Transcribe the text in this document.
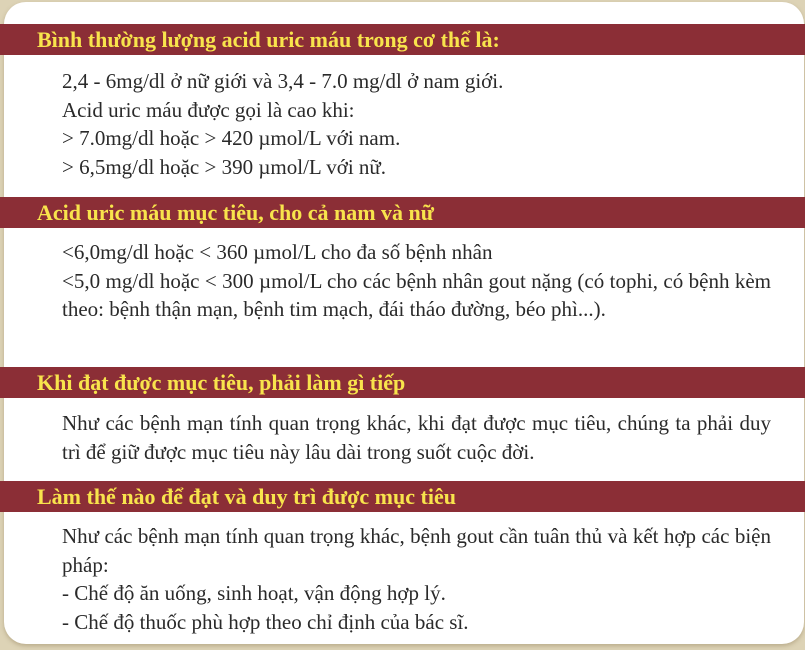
Bình thường lượng acid uric máu trong cơ thể là:

2,4 - 6mg/dl ở nữ giới và 3,4 - 7.0 mg/dl ở nam giới.

Acid uric máu được gọi là cao khi:

> 7.0mg/dl hoặc > 420 µmol/L với nam.

> 6,5mg/dl hoặc > 390 µmol/L với nữ.

Acid uric máu mục tiêu, cho cả nam và nữ

<6,0mg/dl hoặc < 360 µmol/L cho đa số bệnh nhân

<5,0 mg/dl hoặc < 300 µmol/L cho các bệnh nhân gout nặng (có tophi, có bệnh kèm theo: bệnh thận mạn, bệnh tim mạch, đái tháo đường, béo phì...).

Khi đạt được mục tiêu, phải làm gì tiếp

Như các bệnh mạn tính quan trọng khác, khi đạt được mục tiêu, chúng ta phải duy trì để giữ được mục tiêu này lâu dài trong suốt cuộc đời.

Làm thế nào để đạt và duy trì được mục tiêu

Như các bệnh mạn tính quan trọng khác, bệnh gout cần tuân thủ và kết hợp các biện pháp:

- Chế độ ăn uống, sinh hoạt, vận động hợp lý.

- Chế độ thuốc phù hợp theo chỉ định của bác sĩ.
